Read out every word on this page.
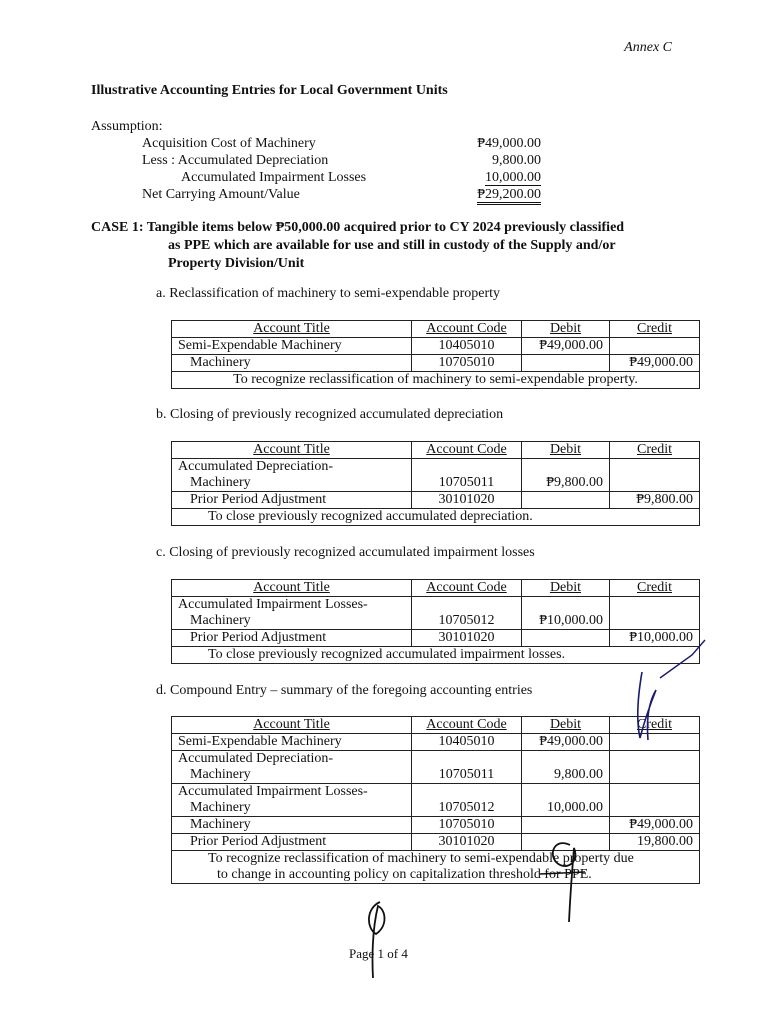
Annex C
Illustrative Accounting Entries for Local Government Units
Assumption:
Acquisition Cost of Machinery	₱49,000.00
Less : Accumulated Depreciation	9,800.00
Accumulated Impairment Losses	10,000.00
Net Carrying Amount/Value	₱29,200.00
CASE 1: Tangible items below ₱50,000.00 acquired prior to CY 2024 previously classified
as PPE which are available for use and still in custody of the Supply and/or
Property Division/Unit
a. Reclassification of machinery to semi-expendable property
Account Title	Account Code	Debit	Credit
Semi-Expendable Machinery	10405010	₱49,000.00	
Machinery	10705010		₱49,000.00
To recognize reclassification of machinery to semi-expendable property.			
b. Closing of previously recognized accumulated depreciation
Account Title	Account Code	Debit	Credit

Accumulated Depreciation-
Machinery	10705011	₱9,800.00	
Prior Period Adjustment	30101020		₱9,800.00
To close previously recognized accumulated depreciation.			
c. Closing of previously recognized accumulated impairment losses
Account Title	Account Code	Debit	Credit

Accumulated Impairment Losses-
Machinery	10705012	₱10,000.00	
Prior Period Adjustment	30101020		₱10,000.00
To close previously recognized accumulated impairment losses.			
d. Compound Entry – summary of the foregoing accounting entries
Account Title	Account Code	Debit	Credit
Semi-Expendable Machinery	10405010	₱49,000.00	

Accumulated Depreciation-
Machinery	10705011	9,800.00	

Accumulated Impairment Losses-
Machinery	10705012	10,000.00	
Machinery	10705010		₱49,000.00
Prior Period Adjustment	30101020		19,800.00

To recognize reclassification of machinery to semi-expendable property due
to change in accounting policy on capitalization threshold for PPE.			
Page 1 of 4
